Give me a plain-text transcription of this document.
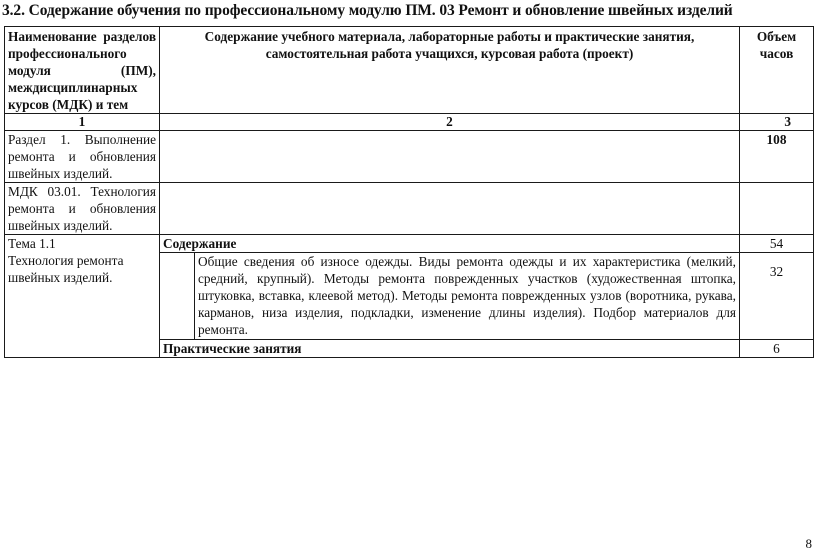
3.2. Содержание обучения по профессиональному модулю ПМ. 03 Ремонт и обновление швейных изделий
Наименование разделов профессионального модуля (ПМ), междисциплинарных курсов (МДК) и тем	Содержание учебного материала, лабораторные работы и практические занятия, самостоятельная работа учащихся, курсовая работа (проект)		Объем часов
1	2		3
Раздел 1. Выполнение ремонта и обновления швейных изделий.			108
МДК 03.01. Технология ремонта и обновления швейных изделий.			

Тема 1.1
Технология ремонта швейных изделий.	Содержание		54
		Общие сведения об износе одежды. Виды ремонта одежды и их характеристика (мелкий, средний, крупный). Методы ремонта поврежденных участков (художественная штопка, штуковка, вставка, клеевой метод). Методы ремонта поврежденных узлов (воротника, рукава, карманов, низа изделия, подкладки, изменение длины изделия). Подбор материалов для ремонта.	32
	Практические занятия		6
8
